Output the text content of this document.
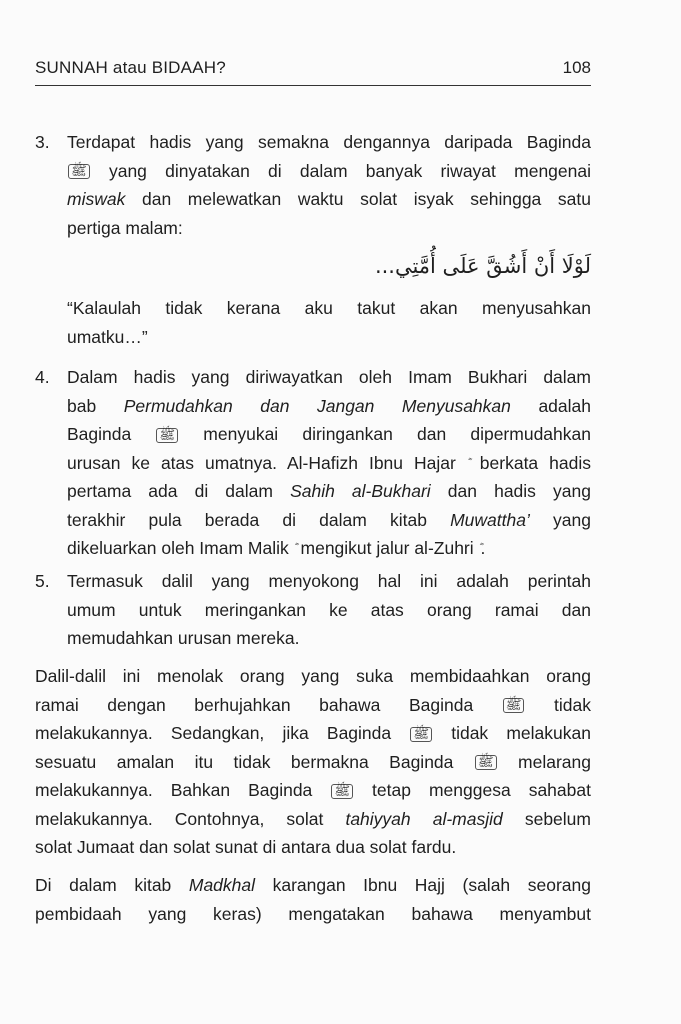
SUNNAH atau BIDAAH?	108
3. Terdapat hadis yang semakna dengannya daripada Baginda
ﷺ yang dinyatakan di dalam banyak riwayat mengenai
miswak dan melewatkan waktu solat isyak sehingga satu
pertiga malam:
لَوْلَا أَنْ أَشُقَّ عَلَى أُمَّتِي...
“Kalaulah tidak kerana aku takut akan menyusahkan
umatku…”
4. Dalam hadis yang diriwayatkan oleh Imam Bukhari dalam
bab Permudahkan dan Jangan Menyusahkan adalah
Baginda ﷺ menyukai diringankan dan dipermudahkan
urusan ke atas umatnya. Al-Hafizh Ibnu Hajar berkata hadis
pertama ada di dalam Sahih al-Bukhari dan hadis yang
terakhir pula berada di dalam kitab Muwattha’ yang
dikeluarkan oleh Imam Malik mengikut jalur al-Zuhri .
5. Termasuk dalil yang menyokong hal ini adalah perintah
umum untuk meringankan ke atas orang ramai dan
memudahkan urusan mereka.
Dalil-dalil ini menolak orang yang suka membidaahkan orang
ramai dengan berhujahkan bahawa Baginda	ﷺ tidak
melakukannya. Sedangkan, jika Baginda ﷺ tidak melakukan
sesuatu amalan itu tidak bermakna Baginda ﷺ melarang
melakukannya. Bahkan Baginda ﷺ tetap menggesa sahabat
melakukannya. Contohnya, solat tahiyyah al-masjid sebelum
solat Jumaat dan solat sunat di antara dua solat fardu.
Di dalam kitab Madkhal karangan Ibnu Hajj (salah seorang
pembidaah yang keras) mengatakan bahawa menyambut
